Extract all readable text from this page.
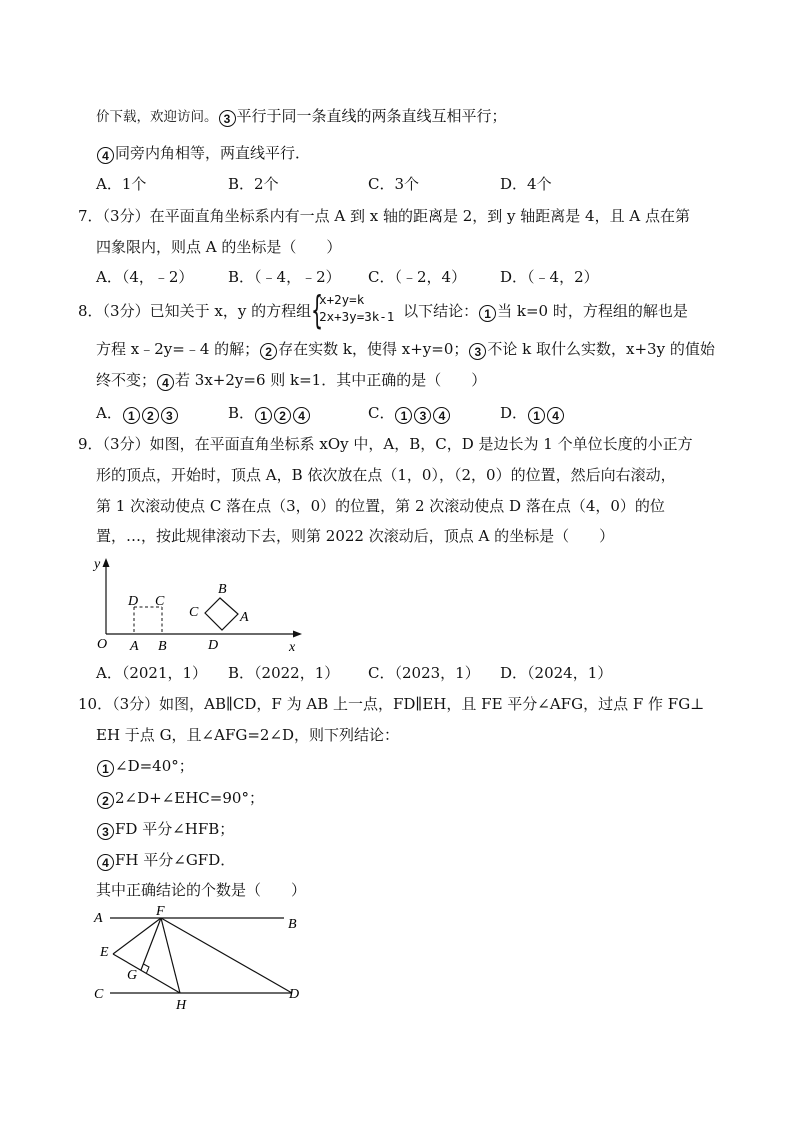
价下载，欢迎访问。 3 平行于同一条直线的两条直线互相平行；
4 同旁内角相等，两直线平行．
A．1个	B．2个	C．3个	D．4个
7．（3分）在平面直角坐标系内有一点 A 到 x 轴的距离是 2，到 y 轴距离是 4，且 A 点在第
四象限内，则点 A 的坐标是（　　）
A．（4，﹣2） B．（﹣4，﹣2） C．（﹣2，4） D．（﹣4，2）
8．（3分）已知关于 x，y 的方程组 {
x+2y=k
2x+3y=3k-1 以下结论： 1 当 k=0 时，方程组的解也是
方程 x﹣2y=﹣4 的解； 2 存在实数 k，使得 x+y=0； 3 不论 k 取什么实数，x+3y 的值始
终不变； 4 若 3x+2y=6 则 k=1．其中正确的是（　　）
A． 1 2 3	B． 1 2 4	C． 1 3 4	D． 1 4
9．（3分）如图，在平面直角坐标系 xOy 中，A，B，C，D 是边长为 1 个单位长度的小正方
形的顶点，开始时，顶点 A，B 依次放在点（1，0），（2，0）的位置，然后向右滚动，
第 1 次滚动使点 C 落在点（3，0）的位置，第 2 次滚动使点 D 落在点（4，0）的位
置，…，按此规律滚动下去，则第 2022 次滚动后，顶点 A 的坐标是（　　）
y
x
O A B
D C
C
B
A
D
A．（2021，1） B．（2022，1） C．（2023，1） D．（2024，1）
10．（3分）如图，AB∥CD，F 为 AB 上一点，FD∥EH，且 FE 平分∠AFG，过点 F 作 FG⊥
EH 于点 G，且∠AFG=2∠D，则下列结论：
1 ∠D=40°；
2 2∠D+∠EHC=90°；
3 FD 平分∠HFB；
4 FH 平分∠GFD．
其中正确结论的个数是（　　）
A	F
B
E
G
C
H
D
